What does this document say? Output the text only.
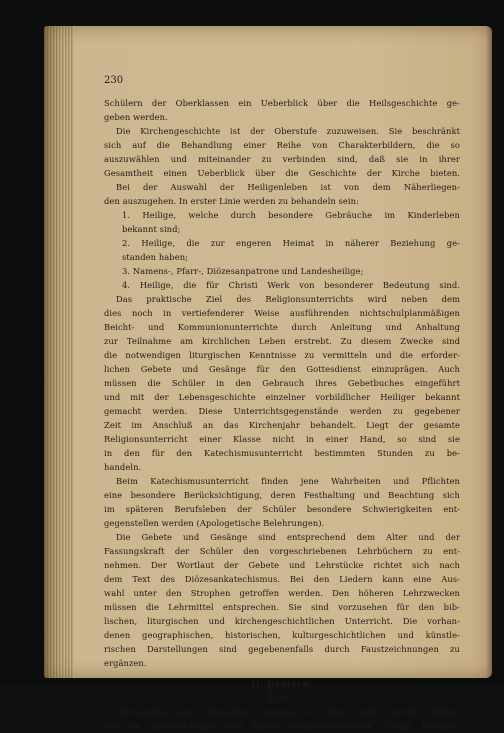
230
Schülern der Oberklassen ein Ueberblick über die Heilsgeschichte ge-
geben werden.
Die Kirchengeschichte ist der Oberstufe zuzuweisen. Sie beschränkt
sich auf die Behandlung einer Reihe von Charakterbildern, die so
auszuwählen und miteinander zu verbinden sind, daß sie in ihrer
Gesamtheit einen Ueberblick über die Geschichte der Kirche bieten.
Bei der Auswahl der Heiligenleben ist von dem Näherliegen-
den auszugehen. In erster Linie werden zu behandeln sein:
1. Heilige, welche durch besondere Gebräuche im Kinderleben
bekannt sind;
2. Heilige, die zur engeren Heimat in näherer Beziehung ge-
standen haben;
3. Namens-, Pfarr-, Diözesanpatrone und Landesheilige;
4. Heilige, die für Christi Werk von besonderer Bedeutung sind.
Das praktische Ziel des Religionsunterrichts wird neben dem
dies noch in vertiefenderer Weise ausführenden nichtschulplanmäßigen
Beicht- und Kommunionunterrichte durch Anleitung und Anhaltung
zur Teilnahme am kirchlichen Leben erstrebt. Zu diesem Zwecke sind
die notwendigen liturgischen Kenntnisse zu vermitteln und die erforder-
lichen Gebete und Gesänge für den Gottesdienst einzuprägen. Auch
müssen die Schüler in den Gebrauch ihres Gebetbuches eingeführt
und mit der Lebensgeschichte einzelner vorbildlicher Heiliger bekannt
gemacht werden. Diese Unterrichtsgegenstände werden zu gegebener
Zeit im Anschluß an das Kirchenjahr behandelt. Liegt der gesamte
Religionsunterricht einer Klasse nicht in einer Hand, so sind sie
in den für den Katechismusunterricht bestimmten Stunden zu be-
handeln.
Beim Katechismusunterricht finden jene Wahrheiten und Pflichten
eine besondere Berücksichtigung, deren Festhaltung und Beachtung sich
im späteren Berufsleben der Schüler besondere Schwierigkeiten ent-
gegenstellen werden (Apologetische Belehrungen).
Die Gebete und Gesänge sind entsprechend dem Alter und der
Fassungskraft der Schüler den vorgeschriebenen Lehrbüchern zu ent-
nehmen. Der Wortlaut der Gebete und Lehrstücke richtet sich nach
dem Text des Diözesankatechismus. Bei den Liedern kann eine Aus-
wahl unter den Strophen getroffen werden. Den höheren Lehrzwecken
müssen die Lehrmittel entsprechen. Sie sind vorzusehen für den bib-
lischen, liturgischen und kirchengeschichtlichen Unterricht. Die vorhan-
denen geographischen, historischen, kulturgeschichtlichen und künstle-
rischen Darstellungen sind gegebenenfalls durch Faustzeichnungen zu
ergänzen.
II. Deutsch.
Ziel.
Verständnis der deutschen Sprache in Wort und Schrift. Fertig-
keit im sprachrichtigen und klaren Gedankenausdruck. Einige Bekannt-
